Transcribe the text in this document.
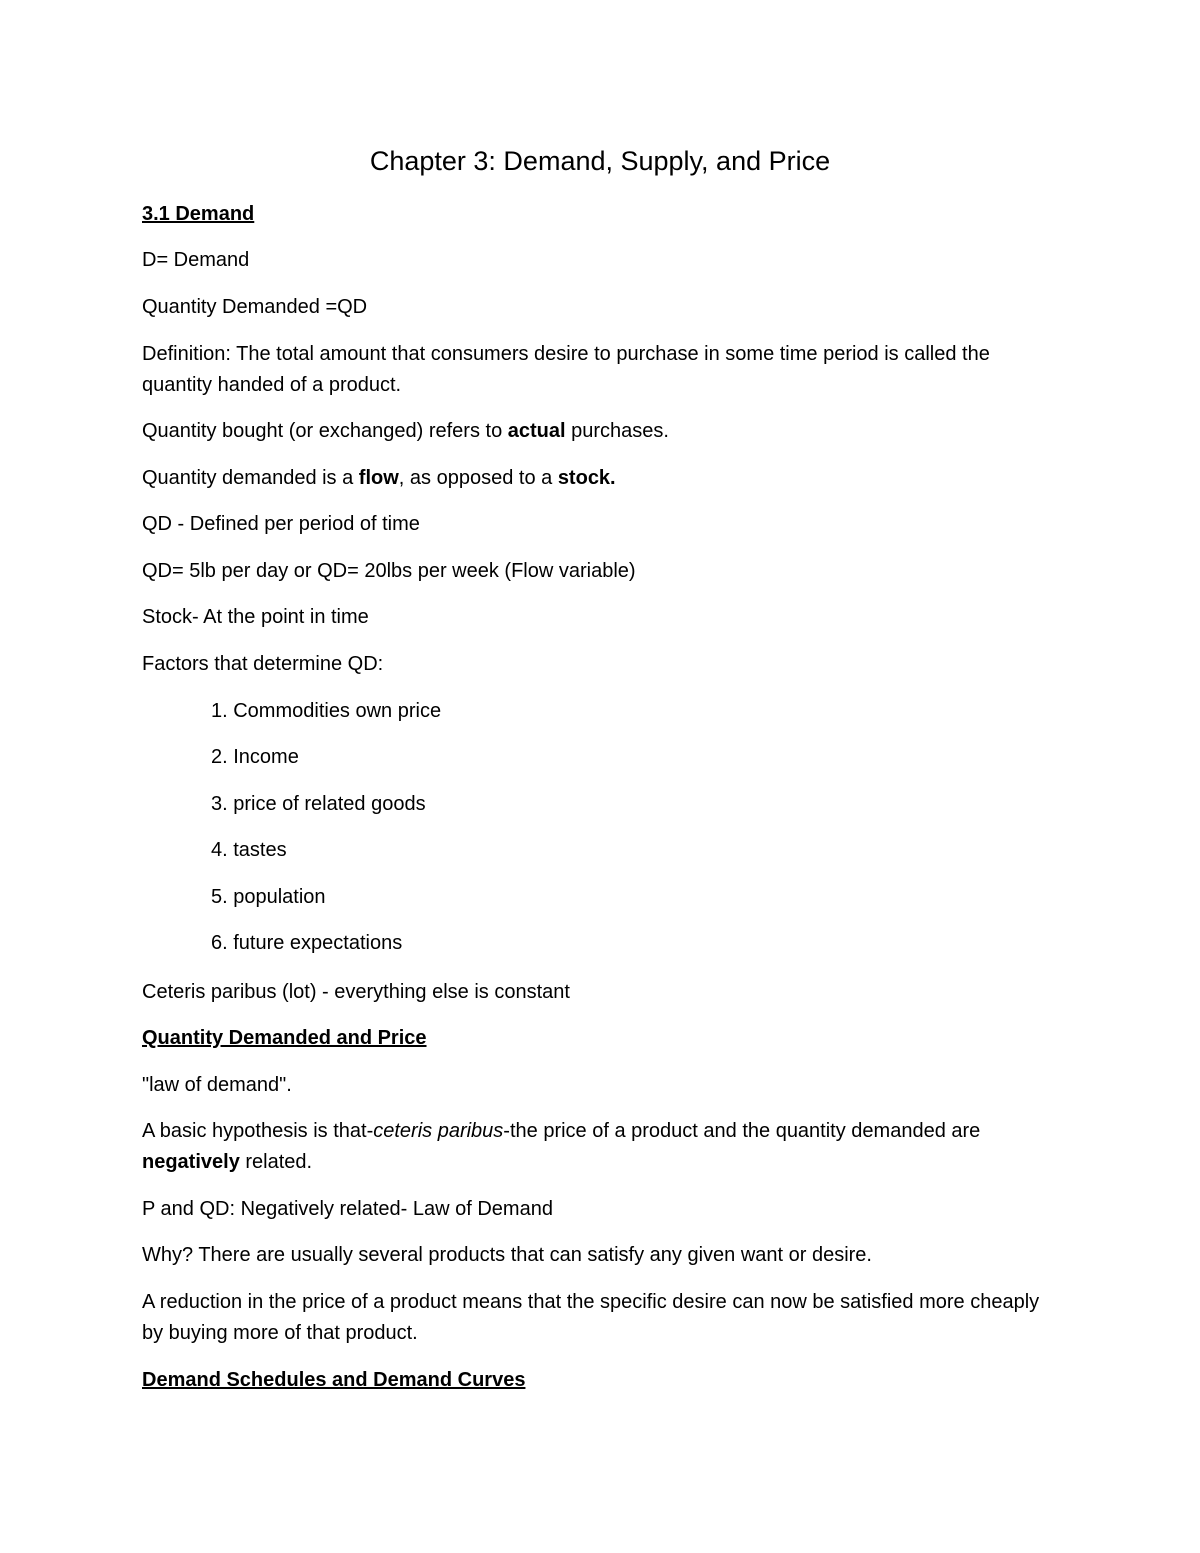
Chapter 3: Demand, Supply, and Price

3.1 Demand

D= Demand

Quantity Demanded =QD

Definition: The total amount that consumers desire to purchase in some time period is called the quantity handed of a product.

Quantity bought (or exchanged) refers to actual purchases.

Quantity demanded is a flow, as opposed to a stock.

QD - Defined per period of time

QD= 5lb per day or QD= 20lbs per week (Flow variable)

Stock- At the point in time

Factors that determine QD:

1. Commodities own price

2. Income

3. price of related goods

4. tastes

5. population

6. future expectations

Ceteris paribus (lot) - everything else is constant

Quantity Demanded and Price

"law of demand".

A basic hypothesis is that-ceteris paribus-the price of a product and the quantity demanded are negatively related.

P and QD: Negatively related- Law of Demand

Why? There are usually several products that can satisfy any given want or desire.

A reduction in the price of a product means that the specific desire can now be satisfied more cheaply by buying more of that product.

Demand Schedules and Demand Curves
